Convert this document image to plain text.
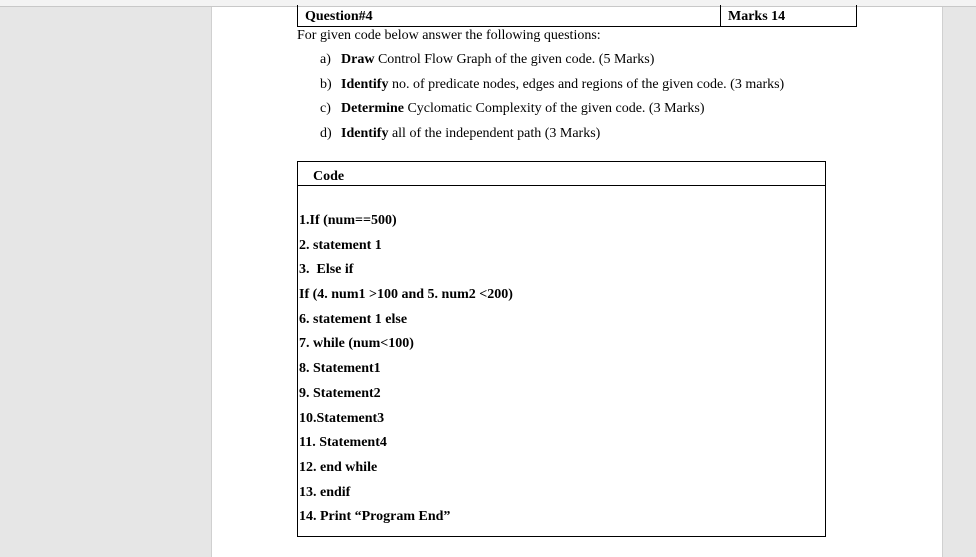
Question#4	Marks 14
For given code below answer the following questions:
a) Draw Control Flow Graph of the given code. (5 Marks)
b) Identify no. of predicate nodes, edges and regions of the given code. (3 marks)
c) Determine Cyclomatic Complexity of the given code. (3 Marks)
d) Identify all of the independent path (3 Marks)
Code
1.If (num==500)
2. statement 1
3.  Else if
If (4. num1 >100 and 5. num2 <200)
6. statement 1 else
7. while (num<100)
8. Statement1
9. Statement2
10.Statement3
11. Statement4
12. end while
13. endif
14. Print “Program End”
